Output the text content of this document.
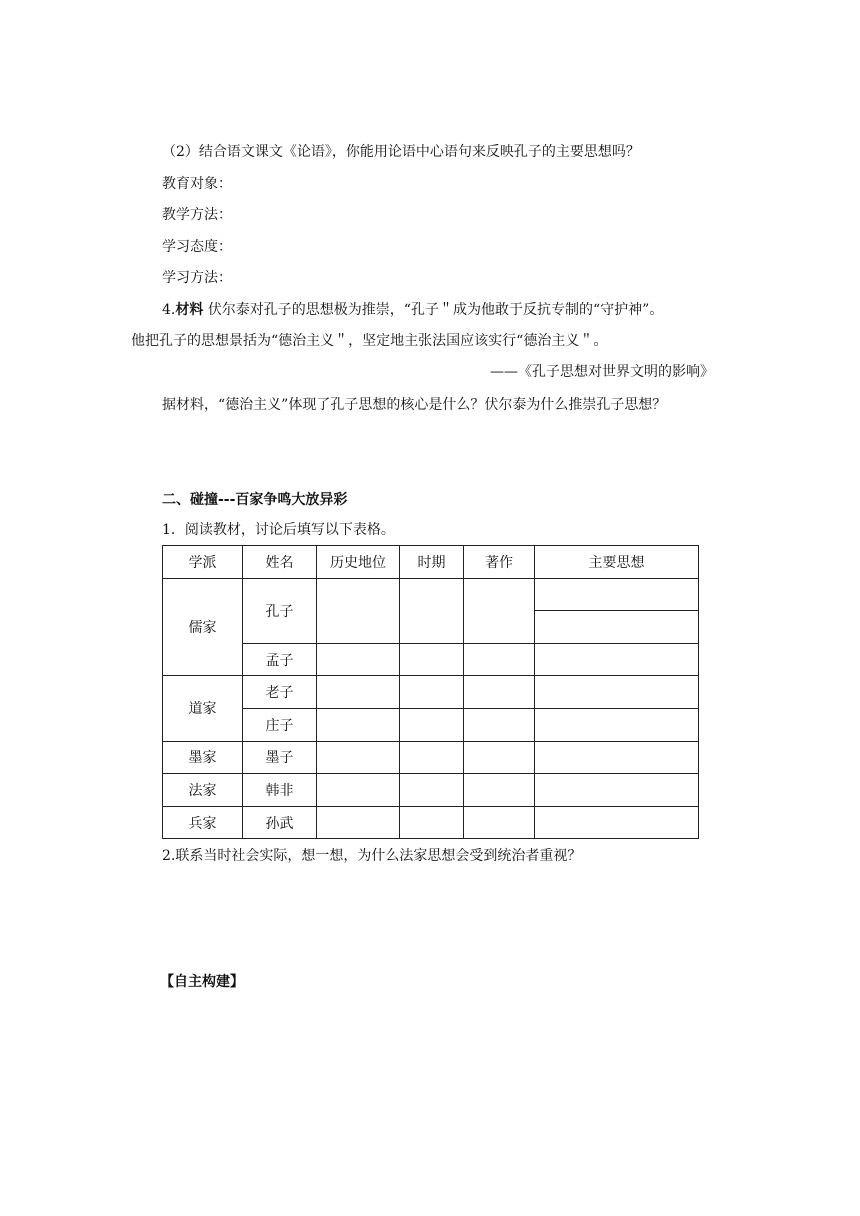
（2）结合语文课文《论语》，你能用论语中心语句来反映孔子的主要思想吗？
教育对象：
教学方法：
学习态度：
学习方法：
4.材料 伏尔泰对孔子的思想极为推崇，“孔子＂成为他敢于反抗专制的“守护神”。
他把孔子的思想景括为“德治主义＂，坚定地主张法国应该实行“德治主义＂。
——《孔子思想对世界文明的影响》
据材料，“德治主义”体现了孔子思想的核心是什么？伏尔泰为什么推崇孔子思想？
二、碰撞---百家争鸣大放异彩
1．阅读教材，讨论后填写以下表格。
学派	姓名	历史地位	时期	著作	主要思想
儒家	孔子				

	孟子				
道家	老子				
	庄子				
墨家	墨子				
法家	韩非				
兵家	孙武				
2.联系当时社会实际，想一想，为什么法家思想会受到统治者重视？
【自主构建】
